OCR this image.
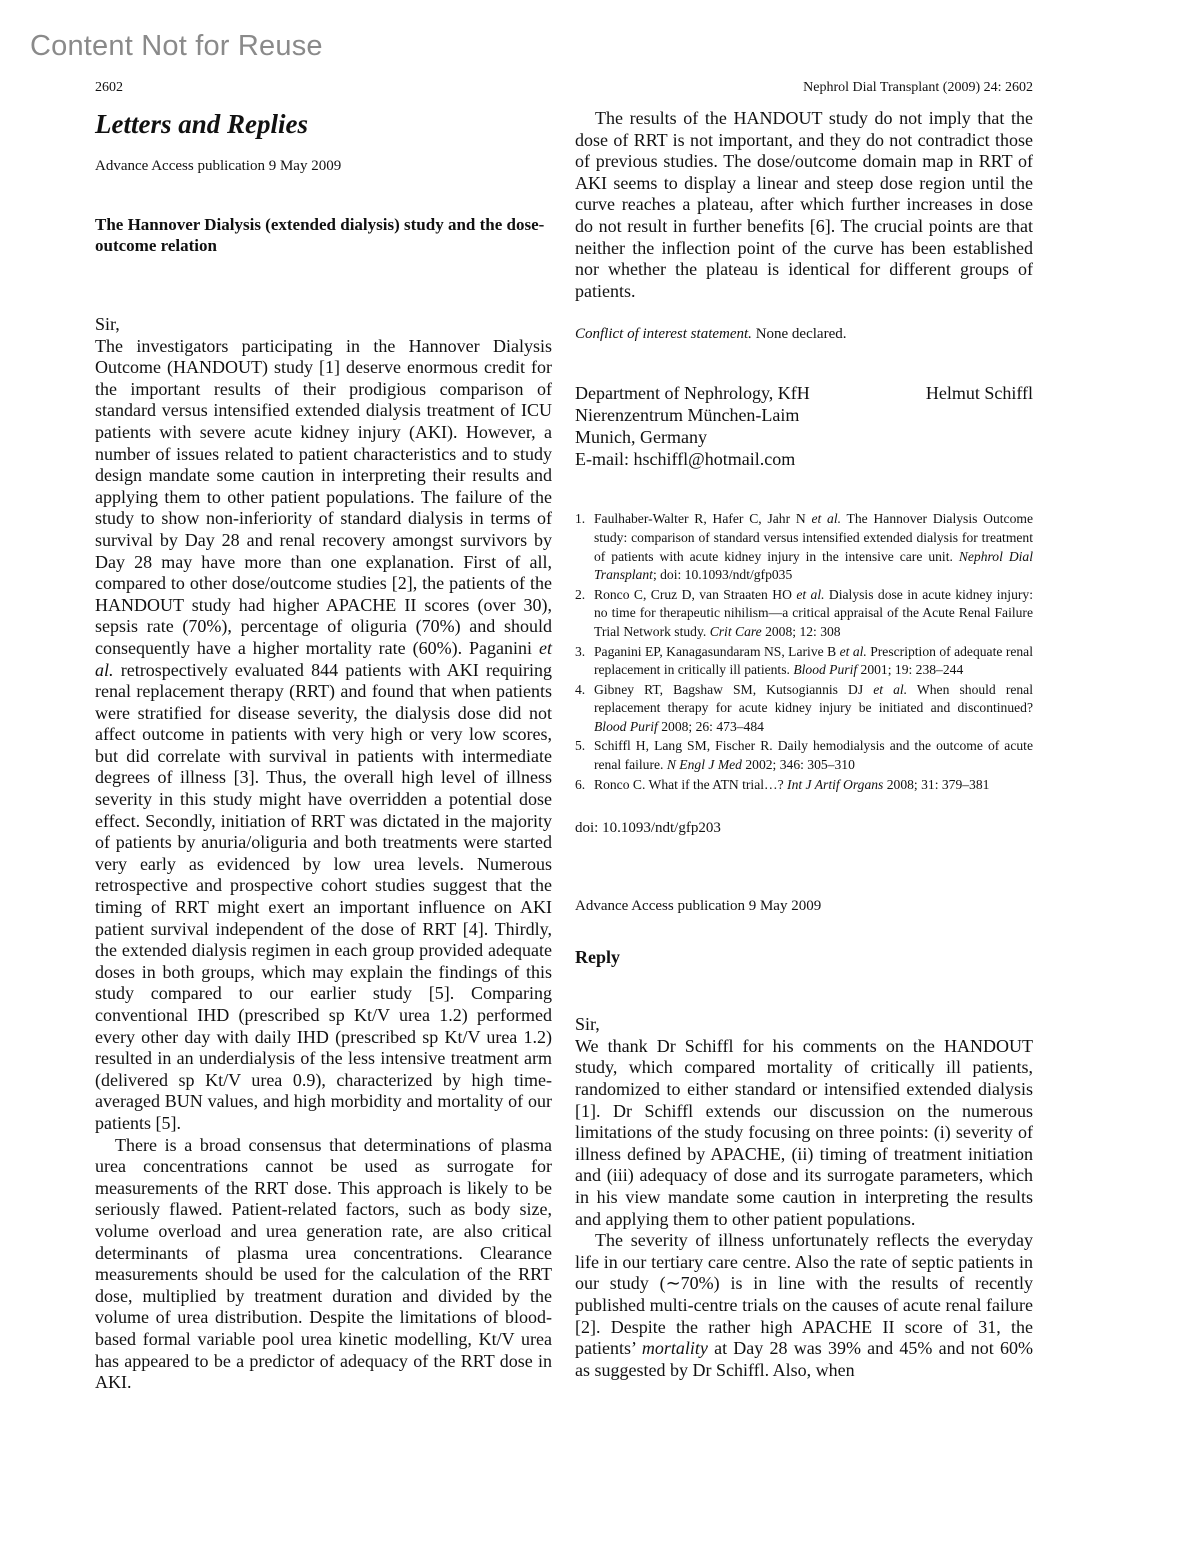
Content Not for Reuse
2602	Nephrol Dial Transplant (2009) 24: 2602
Letters and Replies
Advance Access publication 9 May 2009
The Hannover Dialysis (extended dialysis) study and the dose-outcome relation
Sir,

The investigators participating in the Hannover Dialysis Outcome (HANDOUT) study [1] deserve enormous credit for the important results of their prodigious comparison of standard versus intensified extended dialysis treatment of ICU patients with severe acute kidney injury (AKI). However, a number of issues related to patient characteristics and to study design mandate some caution in interpreting their results and applying them to other patient populations. The failure of the study to show non-inferiority of standard dialysis in terms of survival by Day 28 and renal recovery amongst survivors by Day 28 may have more than one explanation. First of all, compared to other dose/outcome studies [2], the patients of the HANDOUT study had higher APACHE II scores (over 30), sepsis rate (70%), percentage of oliguria (70%) and should consequently have a higher mortality rate (60%). Paganini et al. retrospectively evaluated 844 patients with AKI requiring renal replacement therapy (RRT) and found that when patients were stratified for disease severity, the dialysis dose did not affect outcome in patients with very high or very low scores, but did correlate with survival in patients with intermediate degrees of illness [3]. Thus, the overall high level of illness severity in this study might have overridden a potential dose effect. Secondly, initiation of RRT was dictated in the majority of patients by anuria/oliguria and both treatments were started very early as evidenced by low urea levels. Numerous retrospective and prospective cohort studies suggest that the timing of RRT might exert an important influence on AKI patient survival independent of the dose of RRT [4]. Thirdly, the extended dialysis regimen in each group provided adequate doses in both groups, which may explain the findings of this study compared to our earlier study [5]. Comparing conventional IHD (prescribed sp Kt/V urea 1.2) performed every other day with daily IHD (prescribed sp Kt/V urea 1.2) resulted in an underdialysis of the less intensive treatment arm (delivered sp Kt/V urea 0.9), characterized by high time-averaged BUN values, and high morbidity and mortality of our patients [5].

There is a broad consensus that determinations of plasma urea concentrations cannot be used as surrogate for measurements of the RRT dose. This approach is likely to be seriously flawed. Patient-related factors, such as body size, volume overload and urea generation rate, are also critical determinants of plasma urea concentrations. Clearance measurements should be used for the calculation of the RRT dose, multiplied by treatment duration and divided by the volume of urea distribution. Despite the limitations of blood-based formal variable pool urea kinetic modelling, Kt/V urea has appeared to be a predictor of adequacy of the RRT dose in AKI.

The results of the HANDOUT study do not imply that the dose of RRT is not important, and they do not contradict those of previous studies. The dose/outcome domain map in RRT of AKI seems to display a linear and steep dose region until the curve reaches a plateau, after which further increases in dose do not result in further benefits [6]. The crucial points are that neither the inflection point of the curve has been established nor whether the plateau is identical for different groups of patients.

Conflict of interest statement. None declared.
Department of Nephrology, KfH
Nierenzentrum München-Laim
Munich, Germany
E-mail: hschiffl@hotmail.com
Helmut Schiffl
1. Faulhaber-Walter R, Hafer C, Jahr N et al. The Hannover Dialysis Outcome study: comparison of standard versus intensified extended dialysis for treatment of patients with acute kidney injury in the intensive care unit. Nephrol Dial Transplant; doi: 10.1093/ndt/gfp035
2. Ronco C, Cruz D, van Straaten HO et al. Dialysis dose in acute kidney injury: no time for therapeutic nihilism—a critical appraisal of the Acute Renal Failure Trial Network study. Crit Care 2008; 12: 308
3. Paganini EP, Kanagasundaram NS, Larive B et al. Prescription of adequate renal replacement in critically ill patients. Blood Purif 2001; 19: 238–244
4. Gibney RT, Bagshaw SM, Kutsogiannis DJ et al. When should renal replacement therapy for acute kidney injury be initiated and discontinued? Blood Purif 2008; 26: 473–484
5. Schiffl H, Lang SM, Fischer R. Daily hemodialysis and the outcome of acute renal failure. N Engl J Med 2002; 346: 305–310
6. Ronco C. What if the ATN trial…? Int J Artif Organs 2008; 31: 379–381
doi: 10.1093/ndt/gfp203
Advance Access publication 9 May 2009
Reply
Sir,

We thank Dr Schiffl for his comments on the HANDOUT study, which compared mortality of critically ill patients, randomized to either standard or intensified extended dialysis [1]. Dr Schiffl extends our discussion on the numerous limitations of the study focusing on three points: (i) severity of illness defined by APACHE, (ii) timing of treatment initiation and (iii) adequacy of dose and its surrogate parameters, which in his view mandate some caution in interpreting the results and applying them to other patient populations.

The severity of illness unfortunately reflects the everyday life in our tertiary care centre. Also the rate of septic patients in our study (∼70%) is in line with the results of recently published multi-centre trials on the causes of acute renal failure [2]. Despite the rather high APACHE II score of 31, the patients’ mortality at Day 28 was 39% and 45% and not 60% as suggested by Dr Schiffl. Also, when
